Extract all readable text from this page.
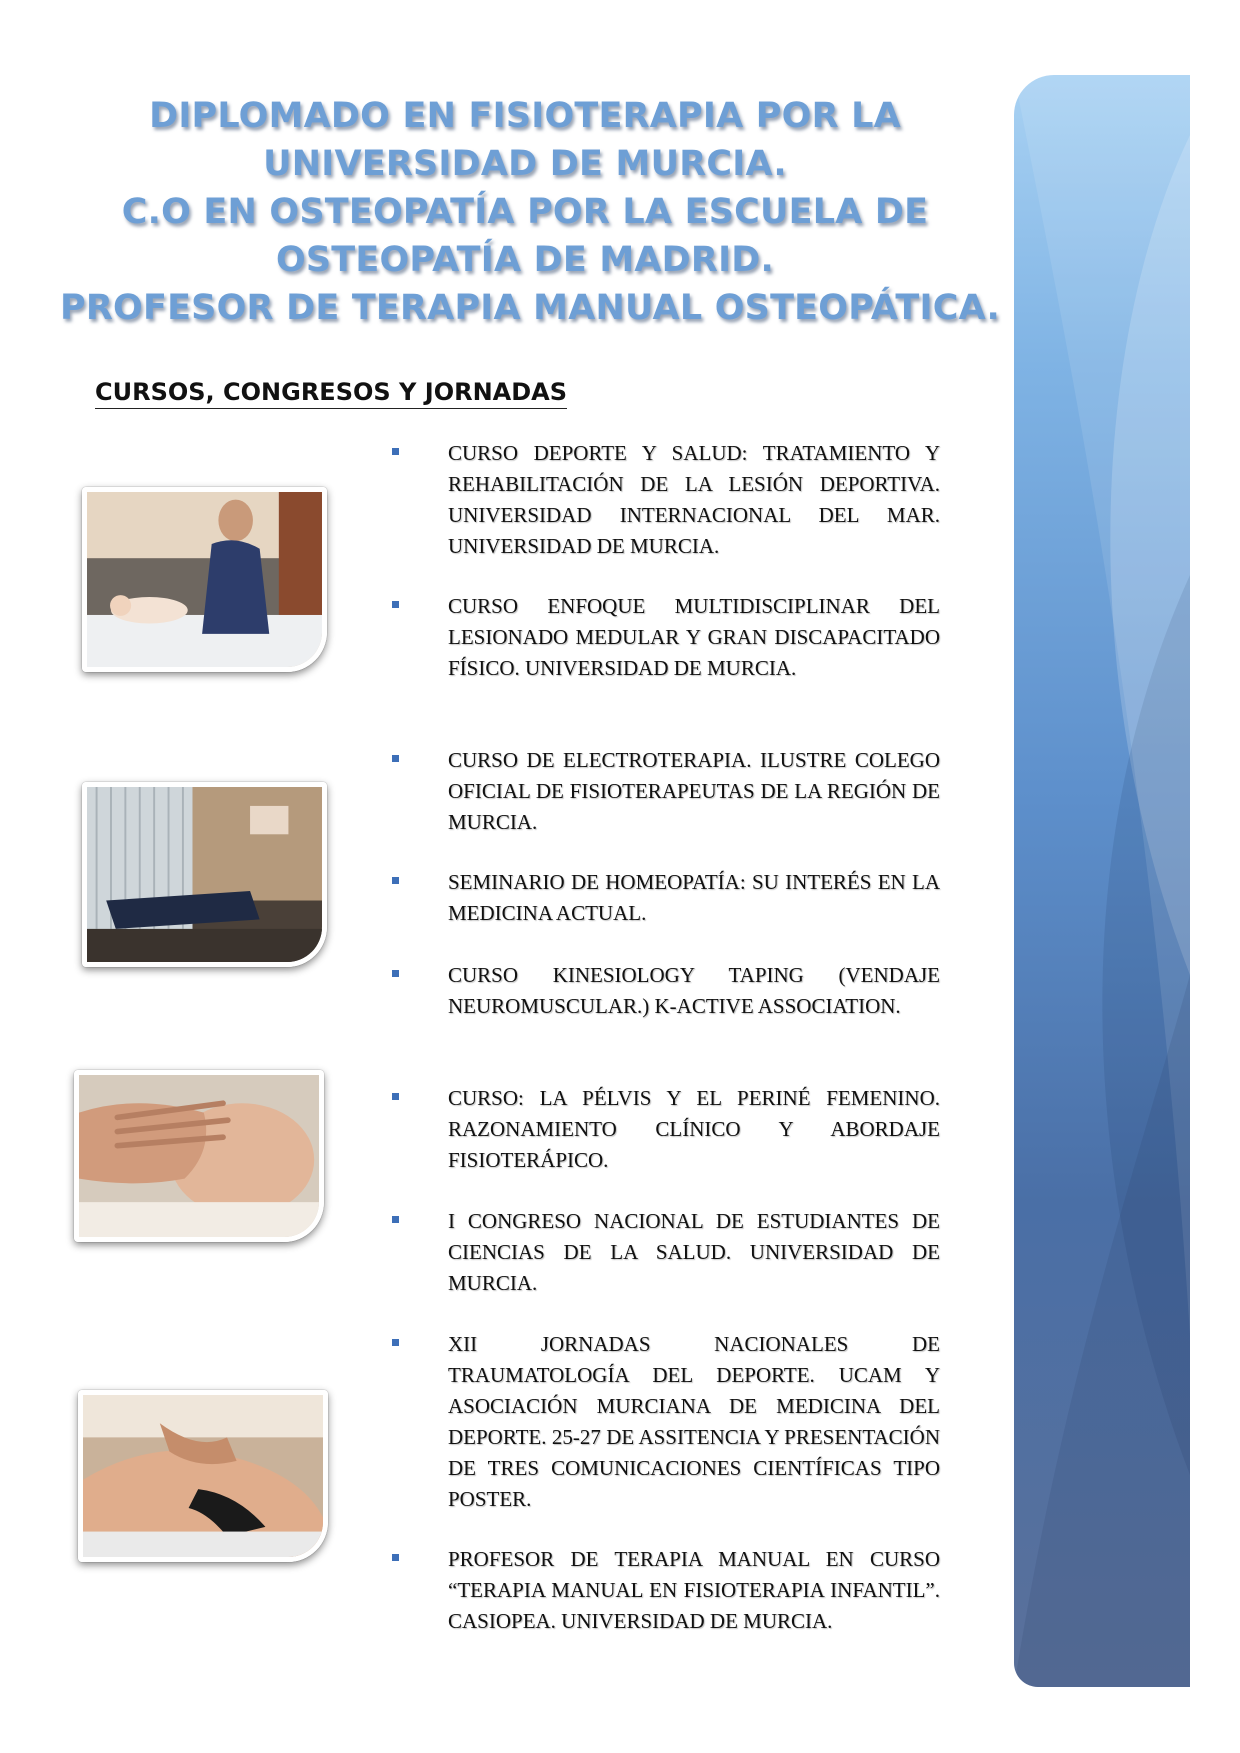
DIPLOMADO EN FISIOTERAPIA POR LA
UNIVERSIDAD DE MURCIA.
C.O EN OSTEOPATÍA POR LA ESCUELA DE
OSTEOPATÍA DE MADRID.
PROFESOR DE TERAPIA MANUAL OSTEOPÁTICA.
CURSOS, CONGRESOS Y JORNADAS
CURSO DEPORTE Y SALUD: TRATAMIENTO Y REHABILITACIÓN DE LA LESIÓN DEPORTIVA. UNIVERSIDAD INTERNACIONAL DEL MAR. UNIVERSIDAD DE MURCIA.
CURSO ENFOQUE MULTIDISCIPLINAR DEL LESIONADO MEDULAR Y GRAN DISCAPACITADO FÍSICO. UNIVERSIDAD DE MURCIA.
CURSO DE ELECTROTERAPIA. ILUSTRE COLEGO OFICIAL DE FISIOTERAPEUTAS DE LA REGIÓN DE MURCIA.
SEMINARIO DE HOMEOPATÍA: SU INTERÉS EN LA MEDICINA ACTUAL.
CURSO KINESIOLOGY TAPING (VENDAJE NEUROMUSCULAR.) K-ACTIVE ASSOCIATION.
CURSO: LA PÉLVIS Y EL PERINÉ FEMENINO. RAZONAMIENTO CLÍNICO Y ABORDAJE FISIOTERÁPICO.
I CONGRESO NACIONAL DE ESTUDIANTES DE CIENCIAS DE LA SALUD. UNIVERSIDAD DE MURCIA.
XII JORNADAS NACIONALES DE TRAUMATOLOGÍA DEL DEPORTE. UCAM Y ASOCIACIÓN MURCIANA DE MEDICINA DEL DEPORTE. 25-27 DE ASSITENCIA Y PRESENTACIÓN DE TRES COMUNICACIONES CIENTÍFICAS TIPO POSTER.
PROFESOR DE TERAPIA MANUAL EN CURSO “TERAPIA MANUAL EN FISIOTERAPIA INFANTIL”. CASIOPEA. UNIVERSIDAD DE MURCIA.
